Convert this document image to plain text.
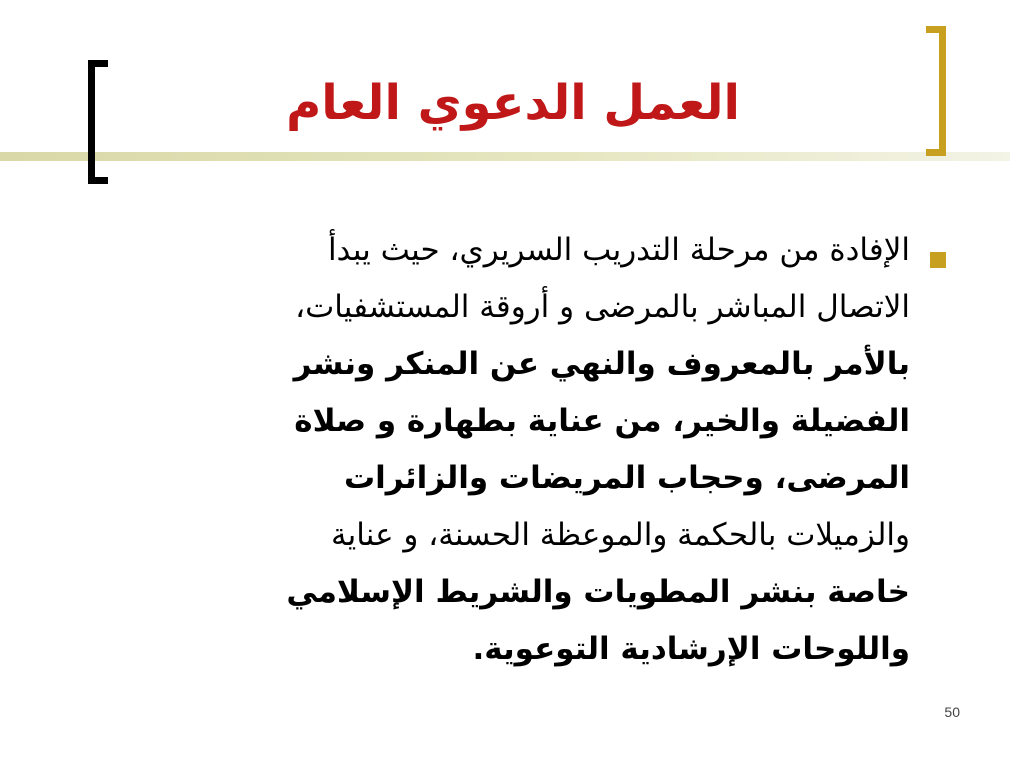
العمل الدعوي العام
الإفادة من مرحلة التدريب السريري، حيث يبدأ
الاتصال المباشر بالمرضى و أروقة المستشفيات،
بالأمر بالمعروف والنهي عن المنكر ونشر
الفضيلة والخير، من عناية بطهارة و صلاة
المرضى، وحجاب المريضات والزائرات
والزميلات بالحكمة والموعظة الحسنة، و عناية
خاصة بنشر المطويات والشريط الإسلامي
واللوحات الإرشادية التوعوية.
50
